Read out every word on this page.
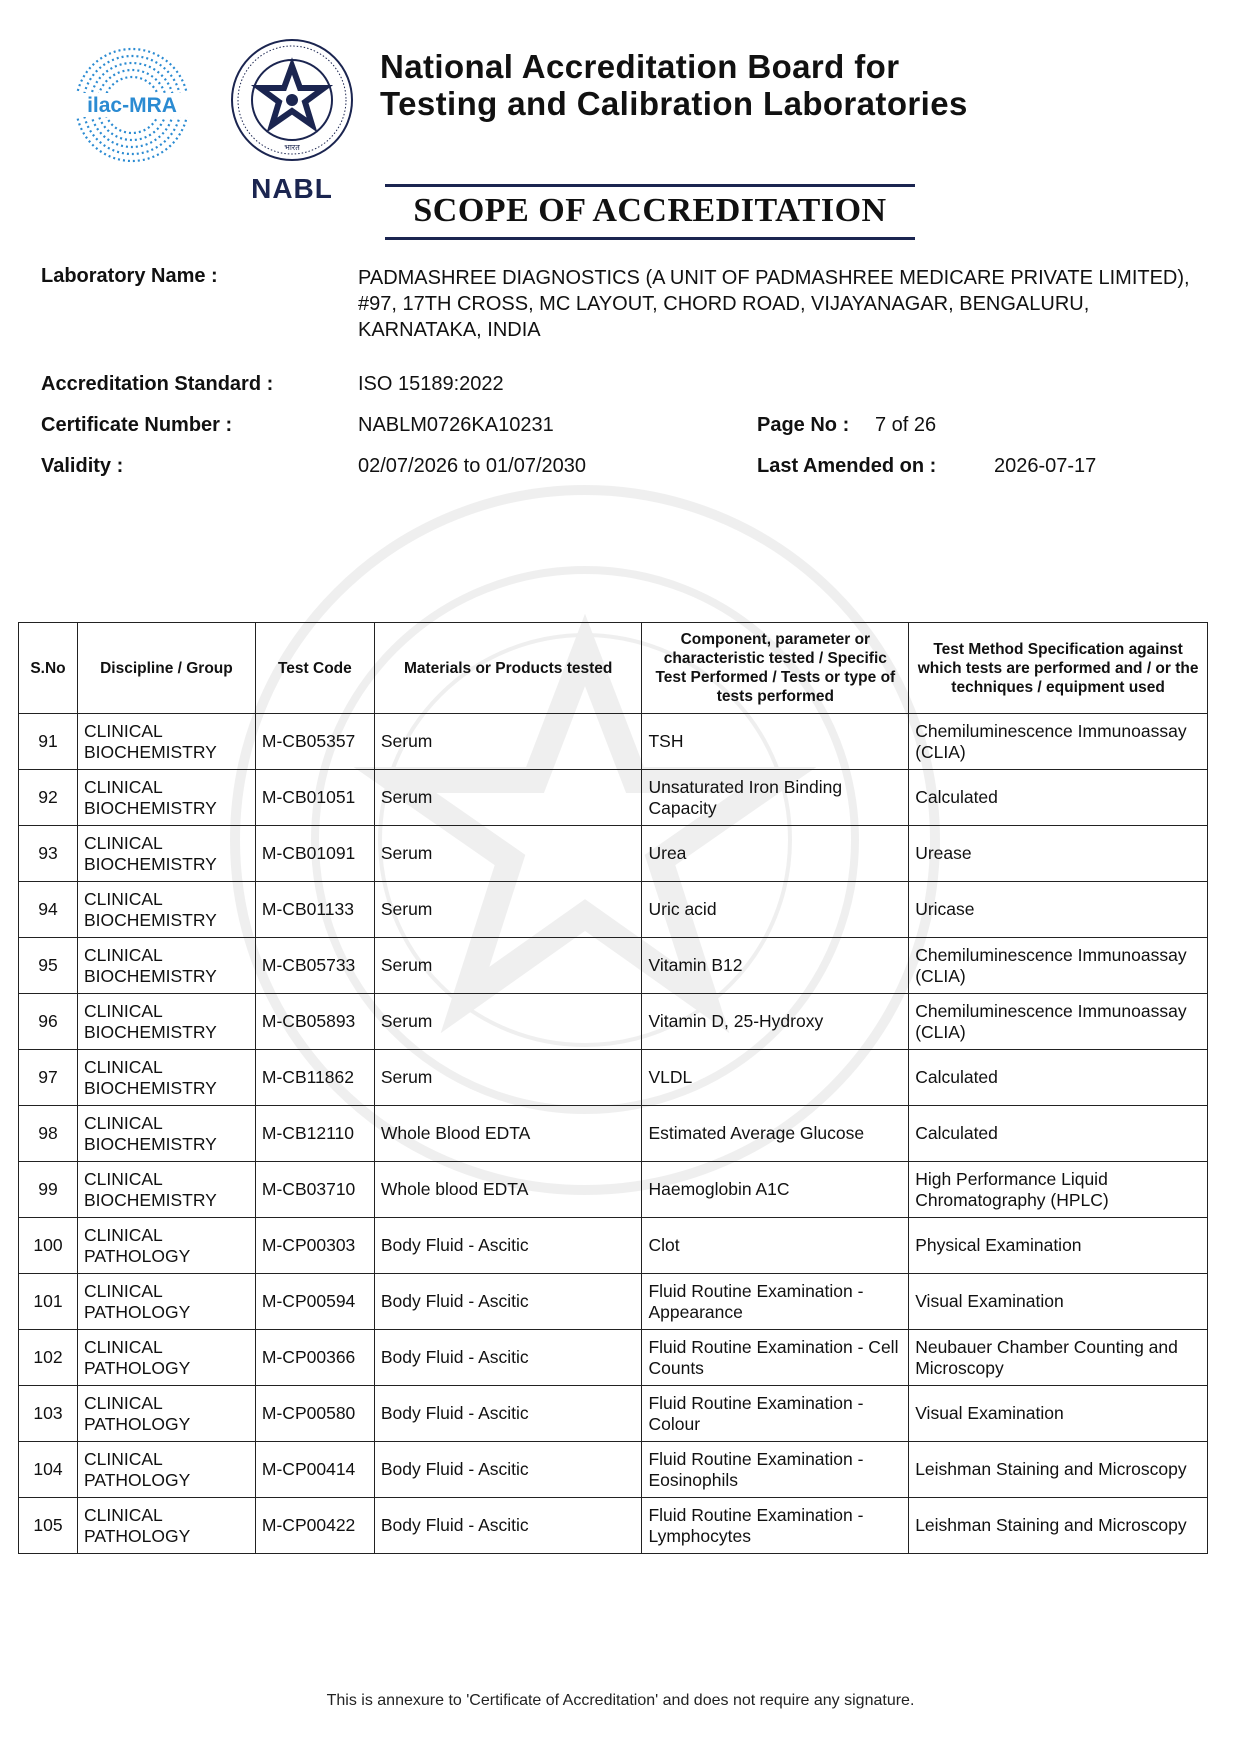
ilac-MRA
भारत
NABL
National Accreditation Board for
Testing and Calibration Laboratories
SCOPE OF ACCREDITATION
Laboratory Name :	PADMASHREE DIAGNOSTICS (A UNIT OF PADMASHREE MEDICARE PRIVATE LIMITED), #97, 17TH CROSS, MC LAYOUT, CHORD ROAD, VIJAYANAGAR, BENGALURU, KARNATAKA, INDIA
Accreditation Standard :	ISO 15189:2022
Certificate Number :	NABLM0726KA10231	Page No : 7 of 26
Validity :	02/07/2026 to 01/07/2030	Last Amended on :	2026-07-17
S.No	Discipline / Group	Test Code	Materials or Products tested	Component, parameter or characteristic tested / Specific Test Performed / Tests or type of tests performed	Test Method Specification against which tests are performed and / or the techniques / equipment used
91	CLINICAL BIOCHEMISTRY	M-CB05357	Serum	TSH	Chemiluminescence Immunoassay (CLIA)
92	CLINICAL BIOCHEMISTRY	M-CB01051	Serum	Unsaturated Iron Binding Capacity	Calculated
93	CLINICAL BIOCHEMISTRY	M-CB01091	Serum	Urea	Urease
94	CLINICAL BIOCHEMISTRY	M-CB01133	Serum	Uric acid	Uricase
95	CLINICAL BIOCHEMISTRY	M-CB05733	Serum	Vitamin B12	Chemiluminescence Immunoassay (CLIA)
96	CLINICAL BIOCHEMISTRY	M-CB05893	Serum	Vitamin D, 25-Hydroxy	Chemiluminescence Immunoassay (CLIA)
97	CLINICAL BIOCHEMISTRY	M-CB11862	Serum	VLDL	Calculated
98	CLINICAL BIOCHEMISTRY	M-CB12110	Whole Blood EDTA	Estimated Average Glucose	Calculated
99	CLINICAL BIOCHEMISTRY	M-CB03710	Whole blood EDTA	Haemoglobin A1C	High Performance Liquid Chromatography (HPLC)
100	CLINICAL PATHOLOGY	M-CP00303	Body Fluid - Ascitic	Clot	Physical Examination
101	CLINICAL PATHOLOGY	M-CP00594	Body Fluid - Ascitic	Fluid Routine Examination - Appearance	Visual Examination
102	CLINICAL PATHOLOGY	M-CP00366	Body Fluid - Ascitic	Fluid Routine Examination - Cell Counts	Neubauer Chamber Counting and Microscopy
103	CLINICAL PATHOLOGY	M-CP00580	Body Fluid - Ascitic	Fluid Routine Examination - Colour	Visual Examination
104	CLINICAL PATHOLOGY	M-CP00414	Body Fluid - Ascitic	Fluid Routine Examination - Eosinophils	Leishman Staining and Microscopy
105	CLINICAL PATHOLOGY	M-CP00422	Body Fluid - Ascitic	Fluid Routine Examination - Lymphocytes	Leishman Staining and Microscopy
This is annexure to 'Certificate of Accreditation' and does not require any signature.
